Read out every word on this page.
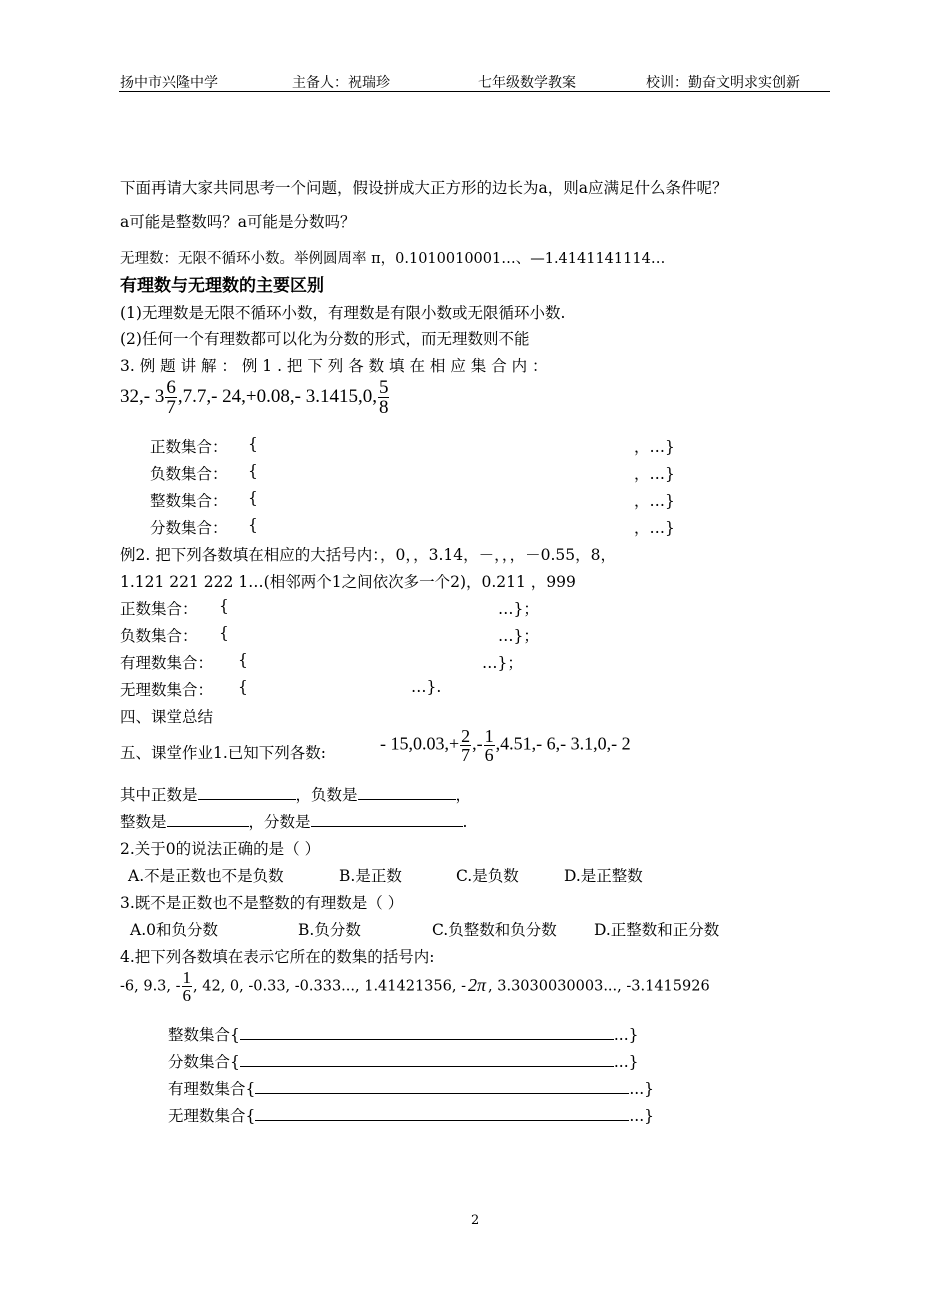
扬中市兴隆中学	主备人：祝瑞珍	七年级数学教案	校训：勤奋文明求实创新
下面再请大家共同思考一个问题，假设拼成大正方形的边长为a，则a应满足什么条件呢？
a可能是整数吗？a可能是分数吗？
无理数：无限不循环小数。举例圆周率 π，0.1010010001…、—1.4141141114…
有理数与无理数的主要区别
(1)无理数是无限不循环小数，有理数是有限小数或无限循环小数.
(2)任何一个有理数都可以化为分数的形式，而无理数则不能
3. 例 题 讲 解 ： 例 1 . 把 下 列 各 数 填 在 相 应 集 合 内 ：
32,- $3 \frac{6}{7} ,7.7,-$ 24,+0.08,- 3.1415,0, $\frac{5}{8}$
正数集合： {	，…}
负数集合： {	，…}
整数集合： {	，…}
分数集合： {	，…}
例2. 把下列各数填在相应的大括号内：，0，，3.14，－，，，－0.55，8，
1.121 221 222 1…(相邻两个1之间依次多一个2)，0.211 ，999
正数集合： {	…}；
负数集合： {	…}；
有理数集合： {	…}；
无理数集合： {	…}.
四、课堂总结
五、课堂作业1.已知下列各数:	- $15,0.03,+ \frac{2}{7}$ ,- $\frac{1}{6} ,4.51,-$ 6,- 3.1,0,- 2
其中正数是	，负数是	，
整数是	，分数是	.
2.关于0的说法正确的是（ ）
A.不是正数也不是负数	B.是正数	C.是负数	D.是正整数
3.既不是正数也不是整数的有理数是（ ）
A.0和负分数	B.负分数	C.负整数和负分数 D.正整数和正分数
4.把下列各数填在表示它所在的数集的括号内:
-6, 9.3, - $\frac{1}{6}$ , 42, 0, -0.33, -0.333..., 1.41421356, - 2π , 3.3030030003..., -3.1415926
整数集合{	...}
分数集合{	...}
有理数集合{	...}
无理数集合{	...}
2
